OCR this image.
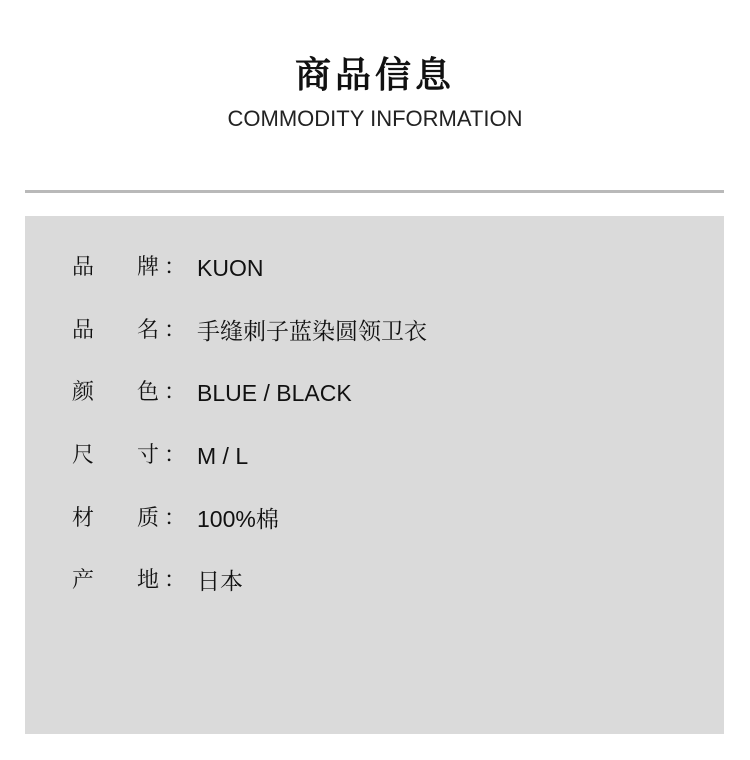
商品信息
COMMODITY INFORMATION
品 牌 ： KUON
品 名 ： 手缝刺子蓝染圆领卫衣
颜 色 ： BLUE / BLACK
尺 寸 ： M / L
材 质 ： 100%棉
产 地 ： 日本
